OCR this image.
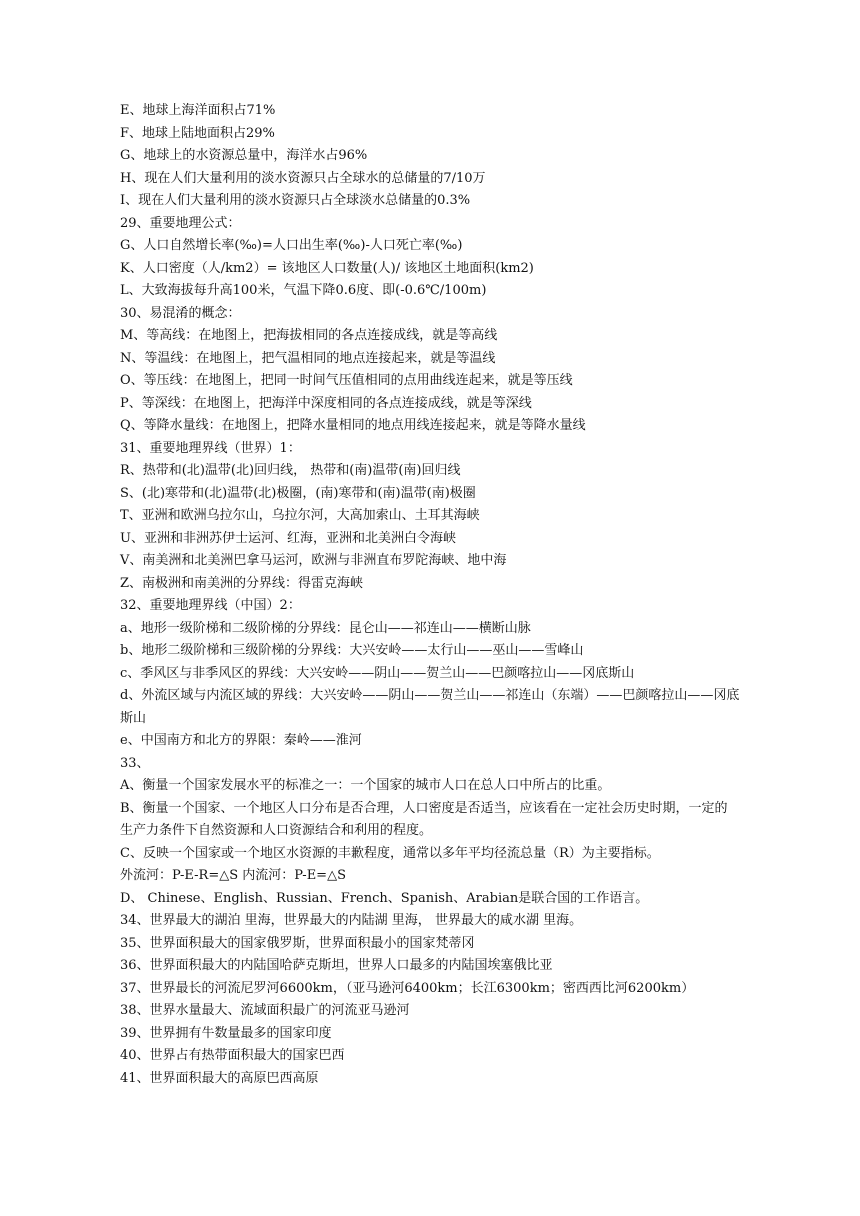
E、地球上海洋面积占71%
F、地球上陆地面积占29%
G、地球上的水资源总量中，海洋水占96%
H、现在人们大量利用的淡水资源只占全球水的总储量的7/10万
I、现在人们大量利用的淡水资源只占全球淡水总储量的0.3%
29、重要地理公式：
G、人口自然增长率(‰)=人口出生率(‰)-人口死亡率(‰)
K、人口密度（人/km2）= 该地区人口数量(人)/ 该地区土地面积(km2)
L、大致海拔每升高100米，气温下降0.6度、即(-0.6℃/100m)
30、易混淆的概念：
M、等高线：在地图上，把海拔相同的各点连接成线，就是等高线
N、等温线：在地图上，把气温相同的地点连接起来，就是等温线
O、等压线：在地图上，把同一时间气压值相同的点用曲线连起来，就是等压线
P、等深线：在地图上，把海洋中深度相同的各点连接成线，就是等深线
Q、等降水量线：在地图上，把降水量相同的地点用线连接起来，就是等降水量线
31、重要地理界线（世界）1：
R、热带和(北)温带(北)回归线， 热带和(南)温带(南)回归线
S、(北)寒带和(北)温带(北)极圈，(南)寒带和(南)温带(南)极圈
T、亚洲和欧洲乌拉尔山，乌拉尔河，大高加索山、土耳其海峡
U、亚洲和非洲苏伊士运河、红海，亚洲和北美洲白令海峡
V、南美洲和北美洲巴拿马运河，欧洲与非洲直布罗陀海峡、地中海
Z、南极洲和南美洲的分界线：得雷克海峡
32、重要地理界线（中国）2：
a、地形一级阶梯和二级阶梯的分界线：昆仑山——祁连山——横断山脉
b、地形二级阶梯和三级阶梯的分界线：大兴安岭——太行山——巫山——雪峰山
c、季风区与非季风区的界线：大兴安岭——阴山——贺兰山——巴颜喀拉山——冈底斯山
d、外流区域与内流区域的界线：大兴安岭——阴山——贺兰山——祁连山（东端）——巴颜喀拉山——冈底斯山
e、中国南方和北方的界限：秦岭——淮河
33、
A、衡量一个国家发展水平的标准之一：一个国家的城市人口在总人口中所占的比重。
B、衡量一个国家、一个地区人口分布是否合理，人口密度是否适当，应该看在一定社会历史时期，一定的生产力条件下自然资源和人口资源结合和利用的程度。
C、反映一个国家或一个地区水资源的丰歉程度，通常以多年平均径流总量（R）为主要指标。
外流河：P-E-R=△S 内流河：P-E=△S
D、 Chinese、English、Russian、French、Spanish、Arabian是联合国的工作语言。
34、世界最大的湖泊 里海，世界最大的内陆湖 里海， 世界最大的咸水湖 里海。
35、世界面积最大的国家俄罗斯，世界面积最小的国家梵蒂冈
36、世界面积最大的内陆国哈萨克斯坦，世界人口最多的内陆国埃塞俄比亚
37、世界最长的河流尼罗河6600km，（亚马逊河6400km；长江6300km；密西西比河6200km）
38、世界水量最大、流域面积最广的河流亚马逊河
39、世界拥有牛数量最多的国家印度
40、世界占有热带面积最大的国家巴西
41、世界面积最大的高原巴西高原
